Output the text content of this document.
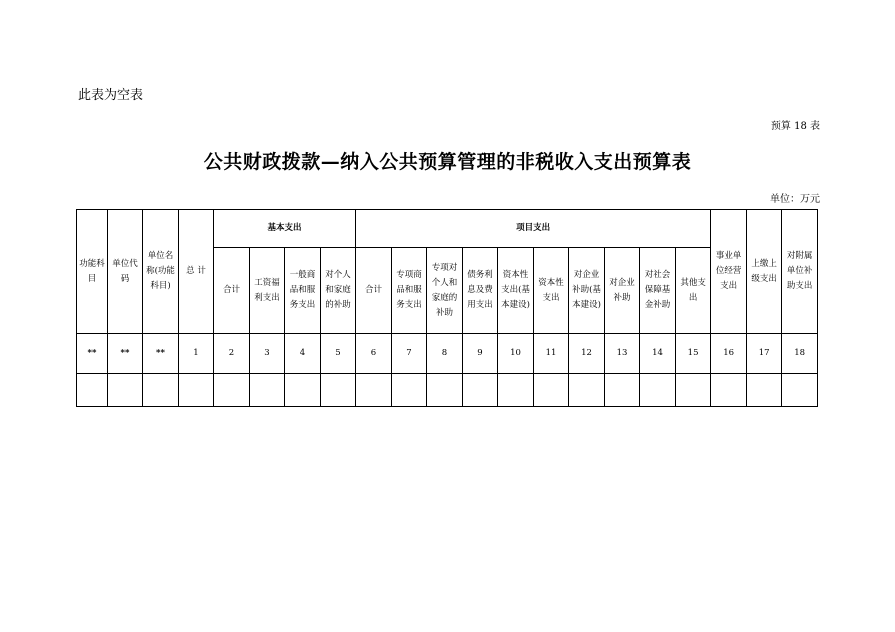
此表为空表
预算 18 表
公共财政拨款—纳入公共预算管理的非税收入支出预算表
单位：万元
功能科目	单位代码	单位名称(功能科目)	总 计	基本支出				项目支出										事业单位经营支出	上缴上级支出	对附属单位补助支出
				合计	工资福利支出	一般商品和服务支出	对个人和家庭的补助	合计	专项商品和服务支出	专项对个人和家庭的补助	债务利息及费用支出	资本性支出(基本建设)	资本性支出	对企业补助(基本建设)	对企业补助	对社会保障基金补助	其他支出			
**	**	**	1	2	3	4	5	6	7	8	9	10	11	12	13	14	15	16	17	18
